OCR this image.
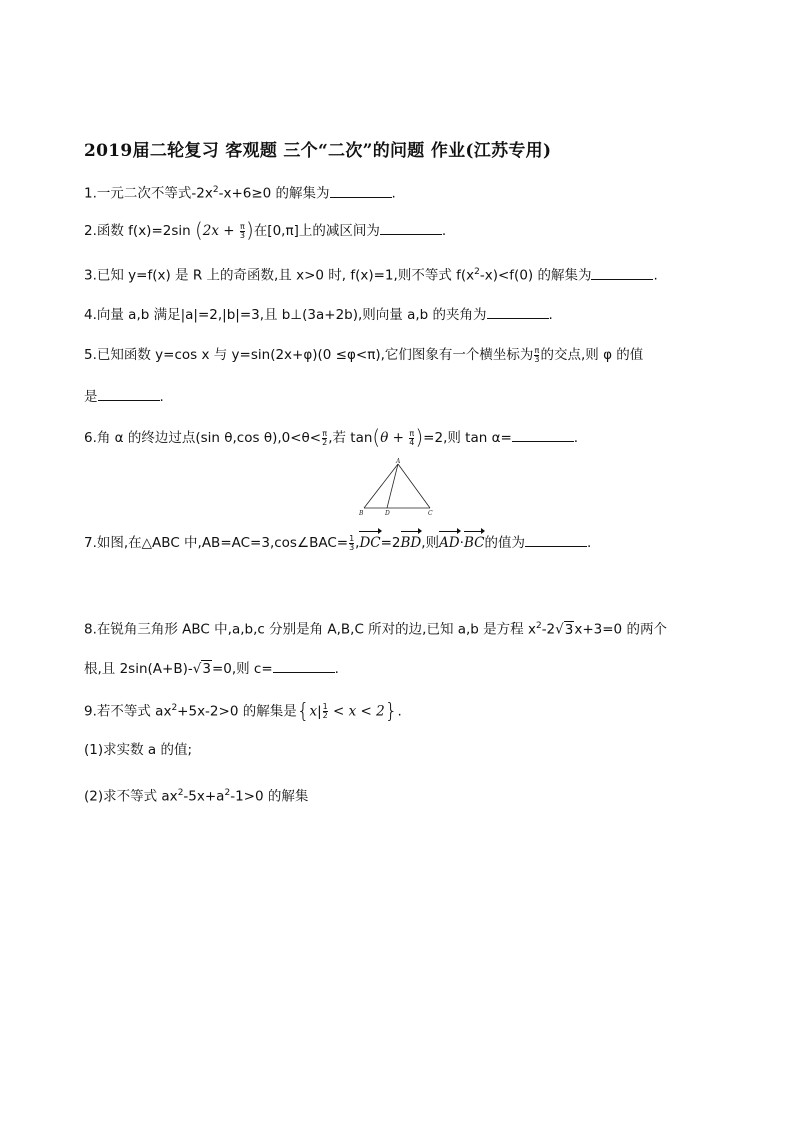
2019届二轮复习 客观题 三个“二次”的问题 作业(江苏专用)
1.一元二次不等式$-2x^2-x+6\ge 0$ 的解集为	.
2.函数 f(x)=2sin ($2x + \frac{\pi}{3}$ )在[0,π]上的减区间为	.
3.已知 y=f(x) 是 R 上的奇函数,且 x>0 时, f(x)=1,则不等式 $f(x^2-x)<f(0)$ 的解集为	.
4.向量 a,b 满足|a|=2,|b|=3,且 b⊥(3a+2b),则向量 a,b 的夹角为	.
5.已知函数 y=cos x 与 y=sin(2x+φ)(0 ≤φ<π),它们图象有一个横坐标为 $\frac{\pi}{3}$ 的交点,则 φ 的值
是	.
6.角 α 的终边过点(sin θ,cos $\theta),0<\theta< \frac{\pi}{2}$ ,若 $\tan(\theta + \frac{\pi}{4} )=2$,则 tan α=	.
A
B	D	C
7.如图,在△ABC 中,AB=AC=3,cos∠BAC= $\frac{1}{3} ,DC=2BD$,则AD·BC的值为	.
8.在锐角三角形 ABC 中,a,b,c 分别是角 A,B,C 所对的边,已知 a,b 是方程 $x^2-2√3x+3=0$ 的两个
根,且 2sin(A+B)-√3=0,则 c=	.
9.若不等式 $ax^2+5x-2>0$ 的解集是$\{x| \frac{1}{2} < x < 2\}$.
(1)求实数 a 的值;
(2)求不等式 $ax^2-5x+a^2-1>0$ 的解集
